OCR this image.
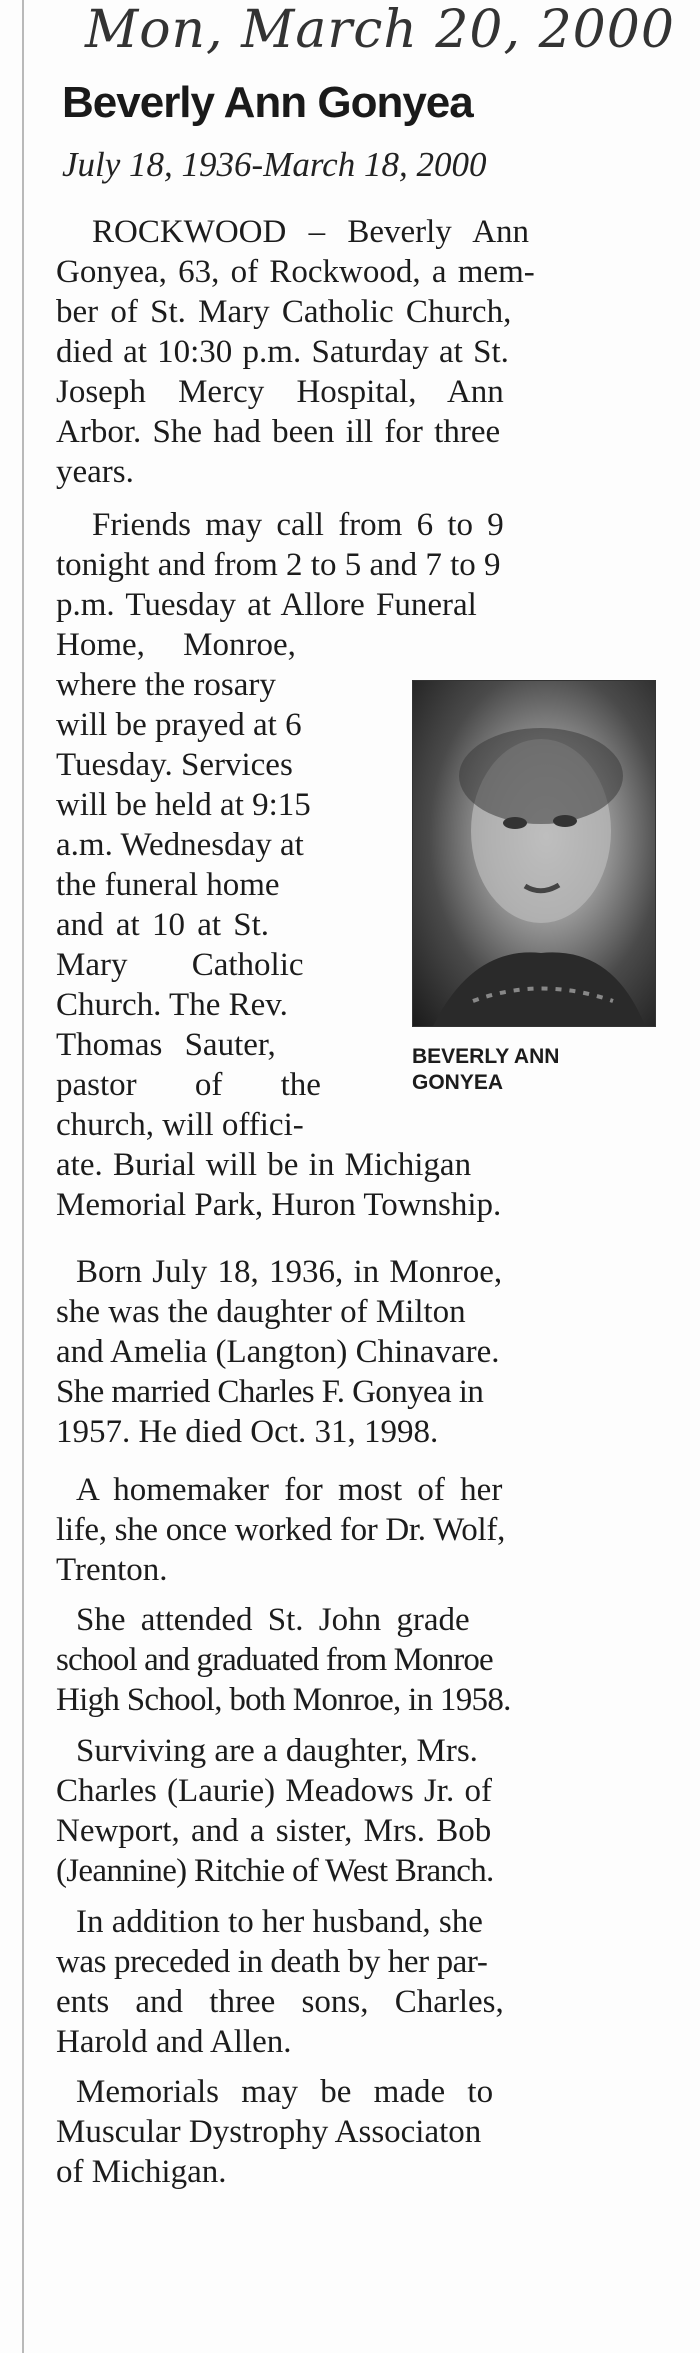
Mon, March 20, 2000
Beverly Ann Gonyea
July 18, 1936-March 18, 2000
ROCKWOOD – Beverly Ann
Gonyea, 63, of Rockwood, a mem-
ber of St. Mary Catholic Church,
died at 10:30 p.m. Saturday at St.
Joseph Mercy Hospital, Ann
Arbor. She had been ill for three
years.
Friends may call from 6 to 9
tonight and from 2 to 5 and 7 to 9
p.m. Tuesday at Allore Funeral
Home, Monroe,
where the rosary
will be prayed at 6
Tuesday. Services
will be held at 9:15
a.m. Wednesday at
the funeral home
and at 10 at St.
Mary Catholic
Church. The Rev.
Thomas Sauter,
pastor of the
church, will offici-
ate. Burial will be in Michigan
Memorial Park, Huron Township.
BEVERLY ANN
GONYEA
Born July 18, 1936, in Monroe,
she was the daughter of Milton
and Amelia (Langton) Chinavare.
She married Charles F. Gonyea in
1957. He died Oct. 31, 1998.
A homemaker for most of her
life, she once worked for Dr. Wolf,
Trenton.
She attended St. John grade
school and graduated from Monroe
High School, both Monroe, in 1958.
Surviving are a daughter, Mrs.
Charles (Laurie) Meadows Jr. of
Newport, and a sister, Mrs. Bob
(Jeannine) Ritchie of West Branch.
In addition to her husband, she
was preceded in death by her par-
ents and three sons, Charles,
Harold and Allen.
Memorials may be made to
Muscular Dystrophy Associaton
of Michigan.
